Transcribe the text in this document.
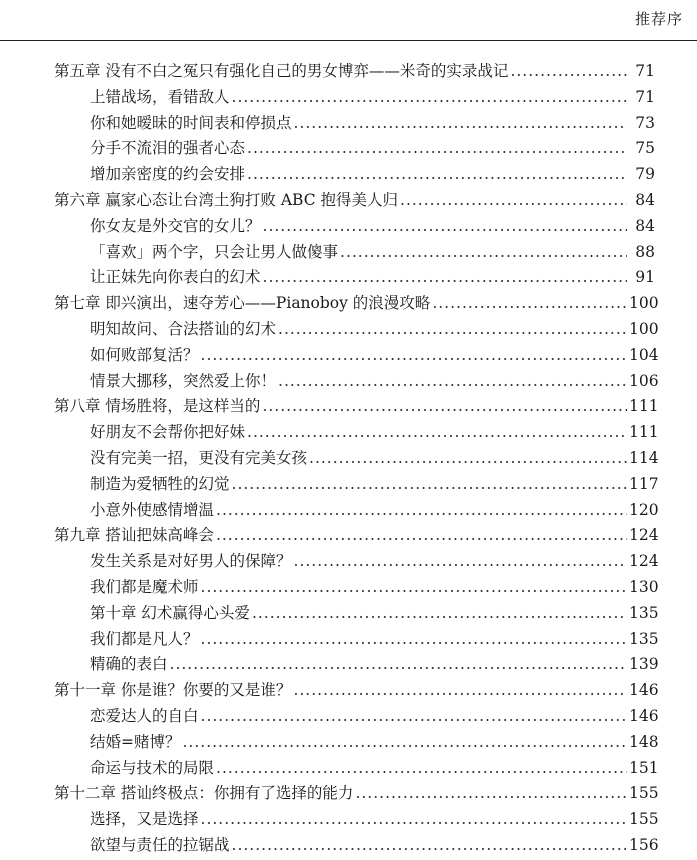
推荐序
第五章 没有不白之冤只有强化自己的男女博弈——米奇的实录战记 .....	71
上错战场，看错敌人 .....	71
你和她暧昧的时间表和停损点 .....	73
分手不流泪的强者心态 .....	75
增加亲密度的约会安排 .....	79
第六章 赢家心态让台湾土狗打败 ABC 抱得美人归 .....	84
你女友是外交官的女儿？ .....	84
「喜欢」两个字，只会让男人做傻事 .....	88
让正妹先向你表白的幻术 .....	91
第七章 即兴演出，速夺芳心——Pianoboy 的浪漫攻略 .....	100
明知故问、合法搭讪的幻术 .....	100
如何败部复活？ .....	104
情景大挪移，突然爱上你！ .....	106
第八章 情场胜将，是这样当的 .....	111
好朋友不会帮你把好妹 .....	111
没有完美一招，更没有完美女孩 .....	114
制造为爱牺牲的幻觉 .....	117
小意外使感情增温 .....	120
第九章 搭讪把妹高峰会 .....	124
发生关系是对好男人的保障？ .....	124
我们都是魔术师 .....	130
第十章 幻术赢得心头爱 .....	135
我们都是凡人？ .....	135
精确的表白 .....	139
第十一章 你是谁？你要的又是谁？ .....	146
恋爱达人的自白 .....	146
结婚=赌博？ .....	148
命运与技术的局限 .....	151
第十二章 搭讪终极点：你拥有了选择的能力 .....	155
选择，又是选择 .....	155
欲望与责任的拉锯战 .....	156
